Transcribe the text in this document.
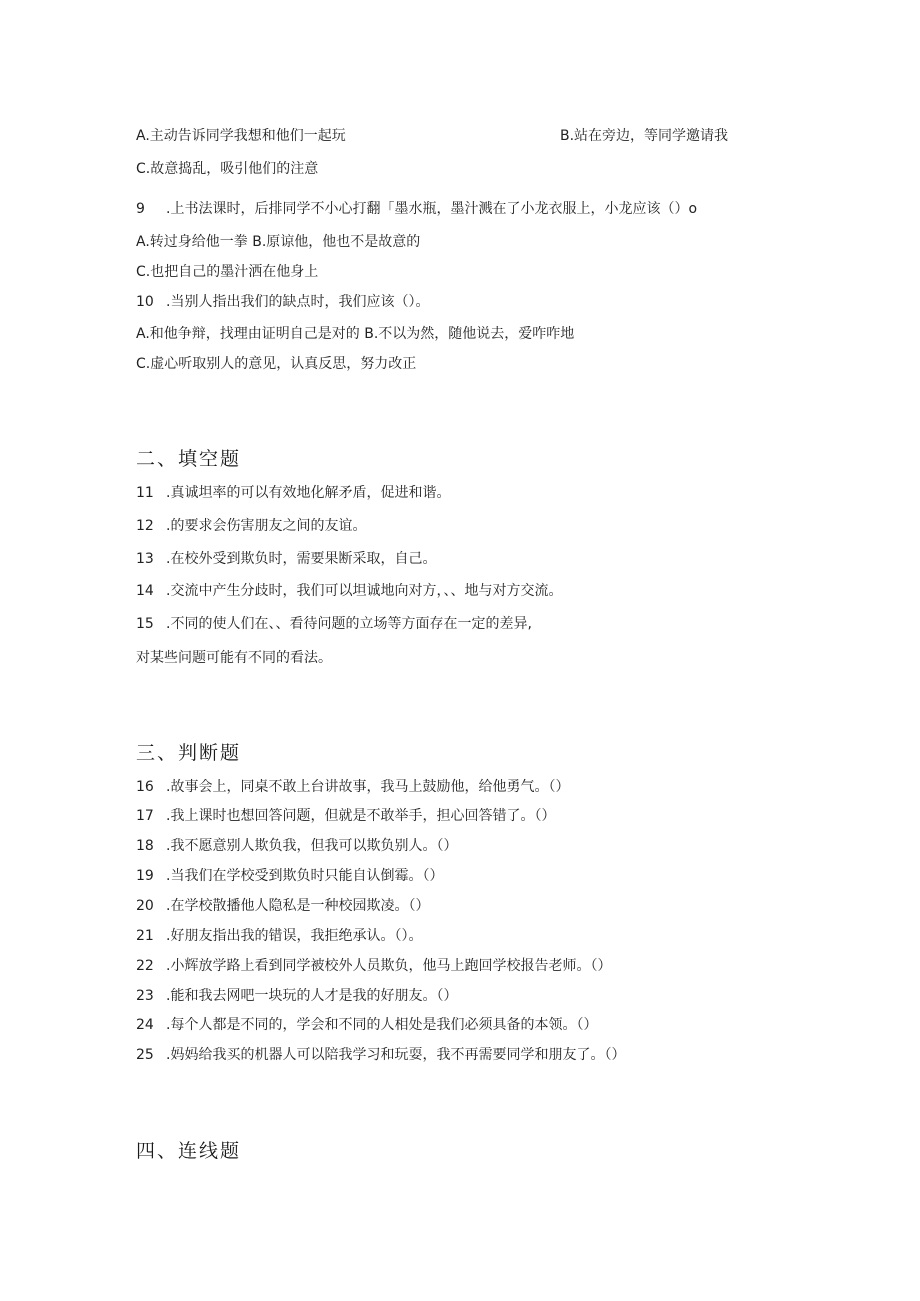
A.主动告诉同学我想和他们一起玩	B.站在旁边，等同学邀请我
C.故意捣乱，吸引他们的注意
9 .上书法课时，后排同学不小心打翻「墨水瓶，墨汁溅在了小龙衣服上，小龙应该（）o
A.转过身给他一拳 B.原谅他，他也不是故意的
C.也把自己的墨汁洒在他身上
10 .当别人指出我们的缺点时，我们应该（）。
A.和他争辩，找理由证明自己是对的 B.不以为然，随他说去，爱咋咋地
C.虚心听取别人的意见，认真反思，努力改正
二、填空题
11 .真诚坦率的可以有效地化解矛盾，促进和谐。
12 .的要求会伤害朋友之间的友谊。
13 .在校外受到欺负时，需要果断采取，自己。
14 .交流中产生分歧时，我们可以坦诚地向对方，、、地与对方交流。
15 .不同的使人们在、、看待问题的立场等方面存在一定的差异,
对某些问题可能有不同的看法。
三、判断题
16 .故事会上，同桌不敢上台讲故事，我马上鼓励他，给他勇气。（）
17 .我上课时也想回答问题，但就是不敢举手，担心回答错了。（）
18 .我不愿意别人欺负我，但我可以欺负别人。（）
19 .当我们在学校受到欺负时只能自认倒霉。（）
20 .在学校散播他人隐私是一种校园欺凌。（）
21 .好朋友指出我的错误，我拒绝承认。（）。
22 .小辉放学路上看到同学被校外人员欺负，他马上跑回学校报告老师。（）
23 .能和我去网吧一块玩的人才是我的好朋友。（）
24 .每个人都是不同的，学会和不同的人相处是我们必须具备的本领。（）
25 .妈妈给我买的机器人可以陪我学习和玩耍，我不再需要同学和朋友了。（）
四、连线题
